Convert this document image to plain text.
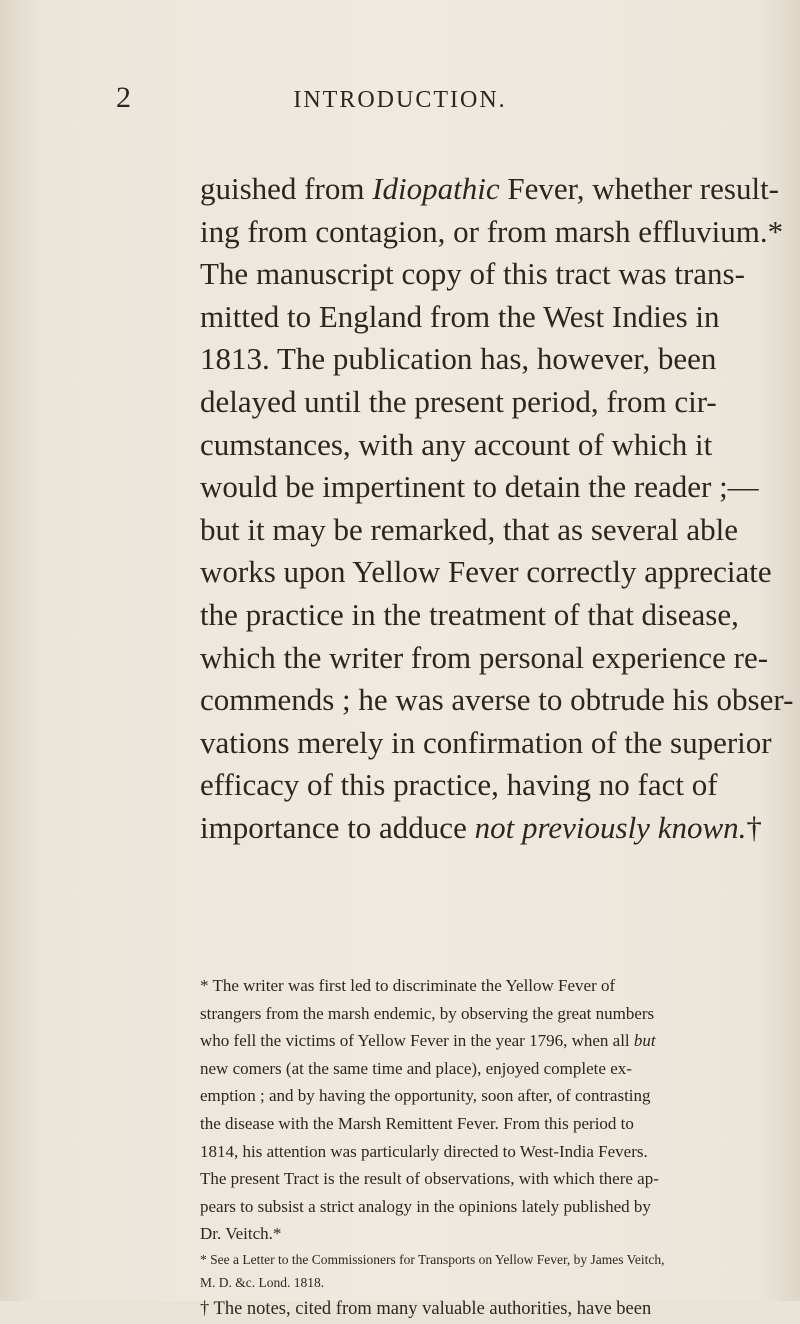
2	INTRODUCTION.
guished from Idiopathic Fever, whether result-
ing from contagion, or from marsh effluvium.*
The manuscript copy of this tract was trans-
mitted to England from the West Indies in
1813. The publication has, however, been
delayed until the present period, from cir-
cumstances, with any account of which it
would be impertinent to detain the reader ;—
but it may be remarked, that as several able
works upon Yellow Fever correctly appreciate
the practice in the treatment of that disease,
which the writer from personal experience re-
commends ; he was averse to obtrude his obser-
vations merely in confirmation of the superior
efficacy of this practice, having no fact of
importance to adduce not previously known.†
* The writer was first led to discriminate the Yellow Fever of
strangers from the marsh endemic, by observing the great numbers
who fell the victims of Yellow Fever in the year 1796, when all but
new comers (at the same time and place), enjoyed complete ex-
emption ; and by having the opportunity, soon after, of contrasting
the disease with the Marsh Remittent Fever. From this period to
1814, his attention was particularly directed to West-India Fevers.
The present Tract is the result of observations, with which there ap-
pears to subsist a strict analogy in the opinions lately published by
Dr. Veitch.*
* See a Letter to the Commissioners for Transports on Yellow Fever, by James Veitch,
M. D. &c. Lond. 1818.
† The notes, cited from many valuable authorities, have been
